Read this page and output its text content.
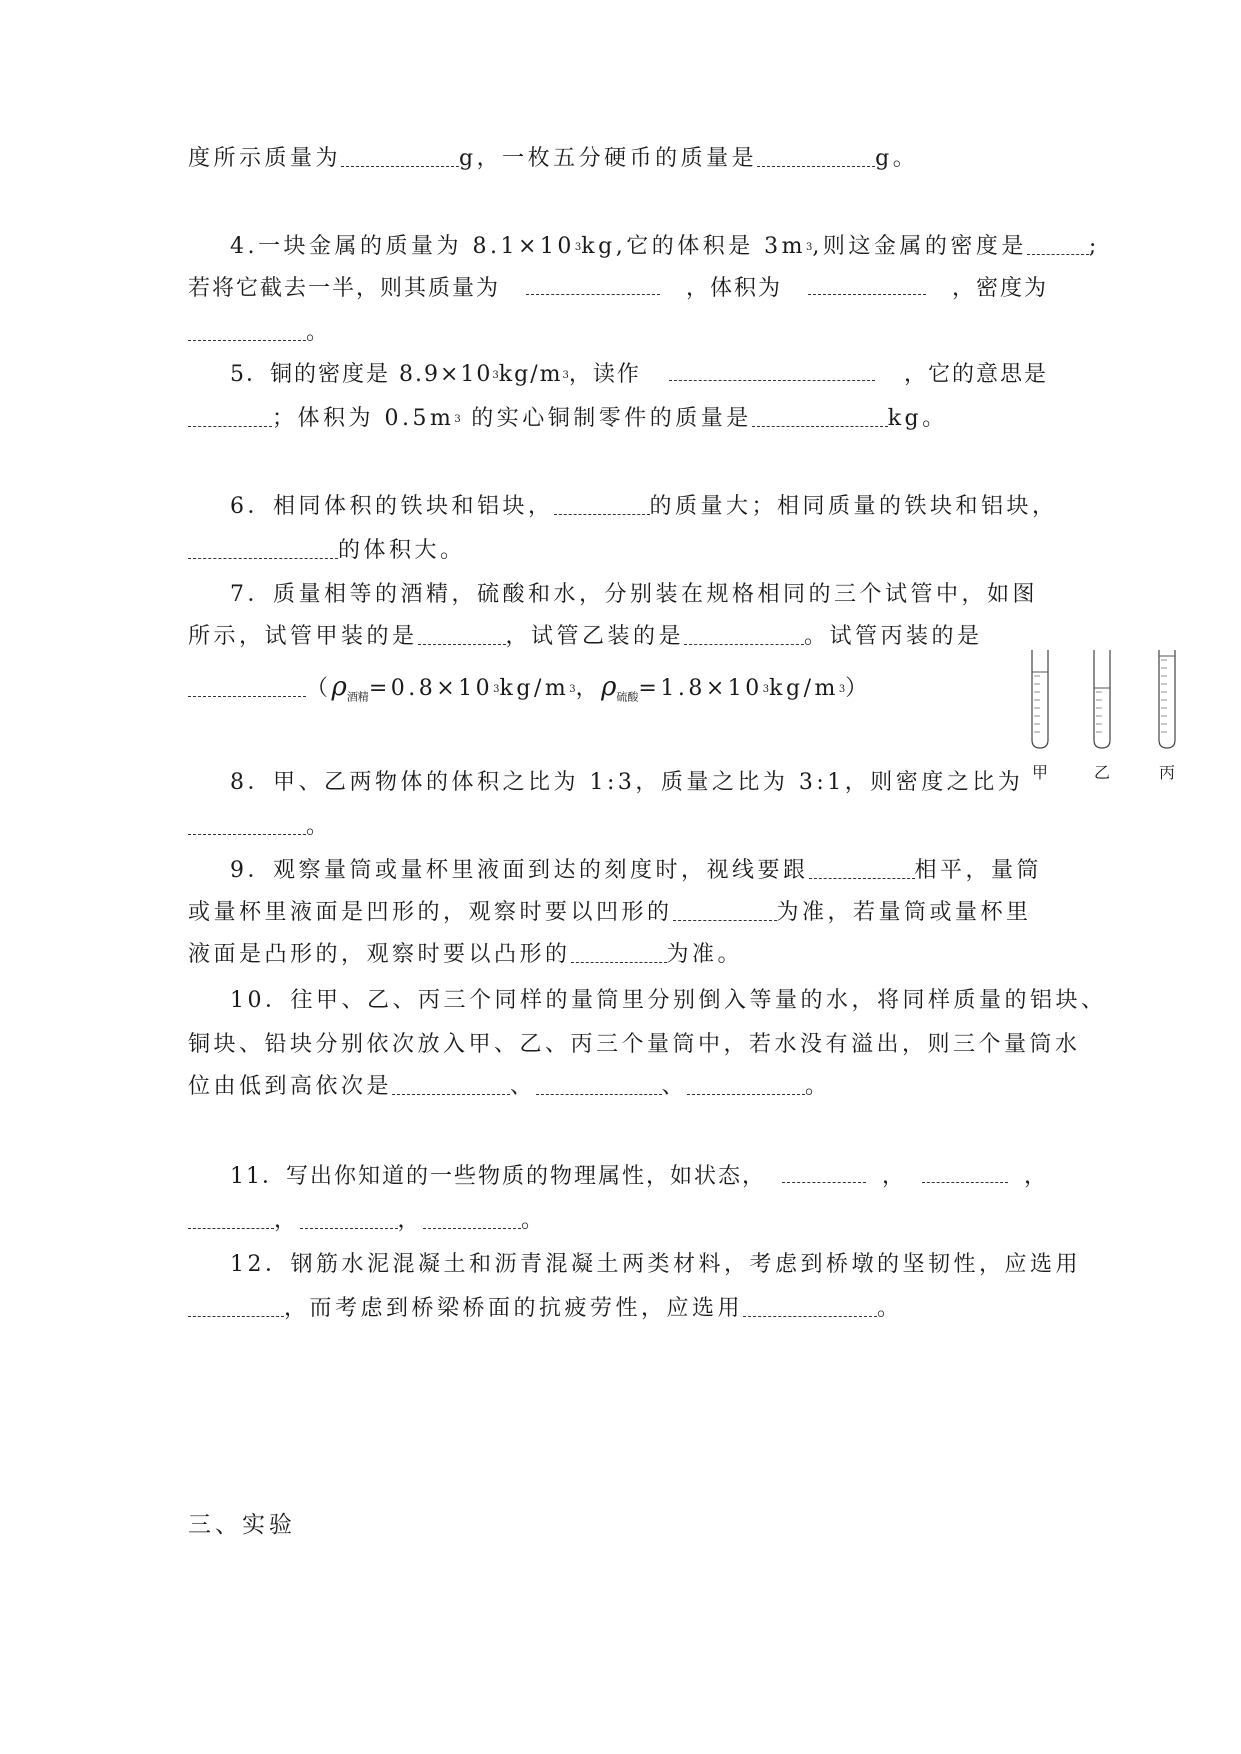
度所示质量为	g，一枚五分硬币的质量是	g。
4.一块金属的质量为 $8.1\times 10^3kg$,它的体积是 $3m^3$,则这金属的密度是	;
若将它截去一半，则其质量为	，体积为	，密度为
。
5．铜的密度是 $8.9\times 10^3kg/m^3$，读作	，它的意思是
；体积为 $0.5m^3$ 的实心铜制零件的质量是	kg。
6．相同体积的铁块和铝块，	的质量大；相同质量的铁块和铝块，
的体积大。
7．质量相等的酒精，硫酸和水，分别装在规格相同的三个试管中，如图
所示，试管甲装的是	，试管乙装的是	。试管丙装的是
（$\rho_{酒精}=0.8\times 10^3kg/m^3$，$\rho_{硫酸}=1.8\times 10^3kg/m^3$）
甲	乙	丙
8．甲、乙两物体的体积之比为 1:3，质量之比为 3:1，则密度之比为
。
9．观察量筒或量杯里液面到达的刻度时，视线要跟	相平，量筒
或量杯里液面是凹形的，观察时要以凹形的	为准，若量筒或量杯里
液面是凸形的，观察时要以凸形的	为准。
10．往甲、乙、丙三个同样的量筒里分别倒入等量的水，将同样质量的铝块、
铜块、铅块分别依次放入甲、乙、丙三个量筒中，若水没有溢出，则三个量筒水
位由低到高依次是	、	、	。
11．写出你知道的一些物质的物理属性，如状态，	，	，
，	，	。
12．钢筋水泥混凝土和沥青混凝土两类材料，考虑到桥墩的坚韧性，应选用
，而考虑到桥梁桥面的抗疲劳性，应选用	。
三、实验
